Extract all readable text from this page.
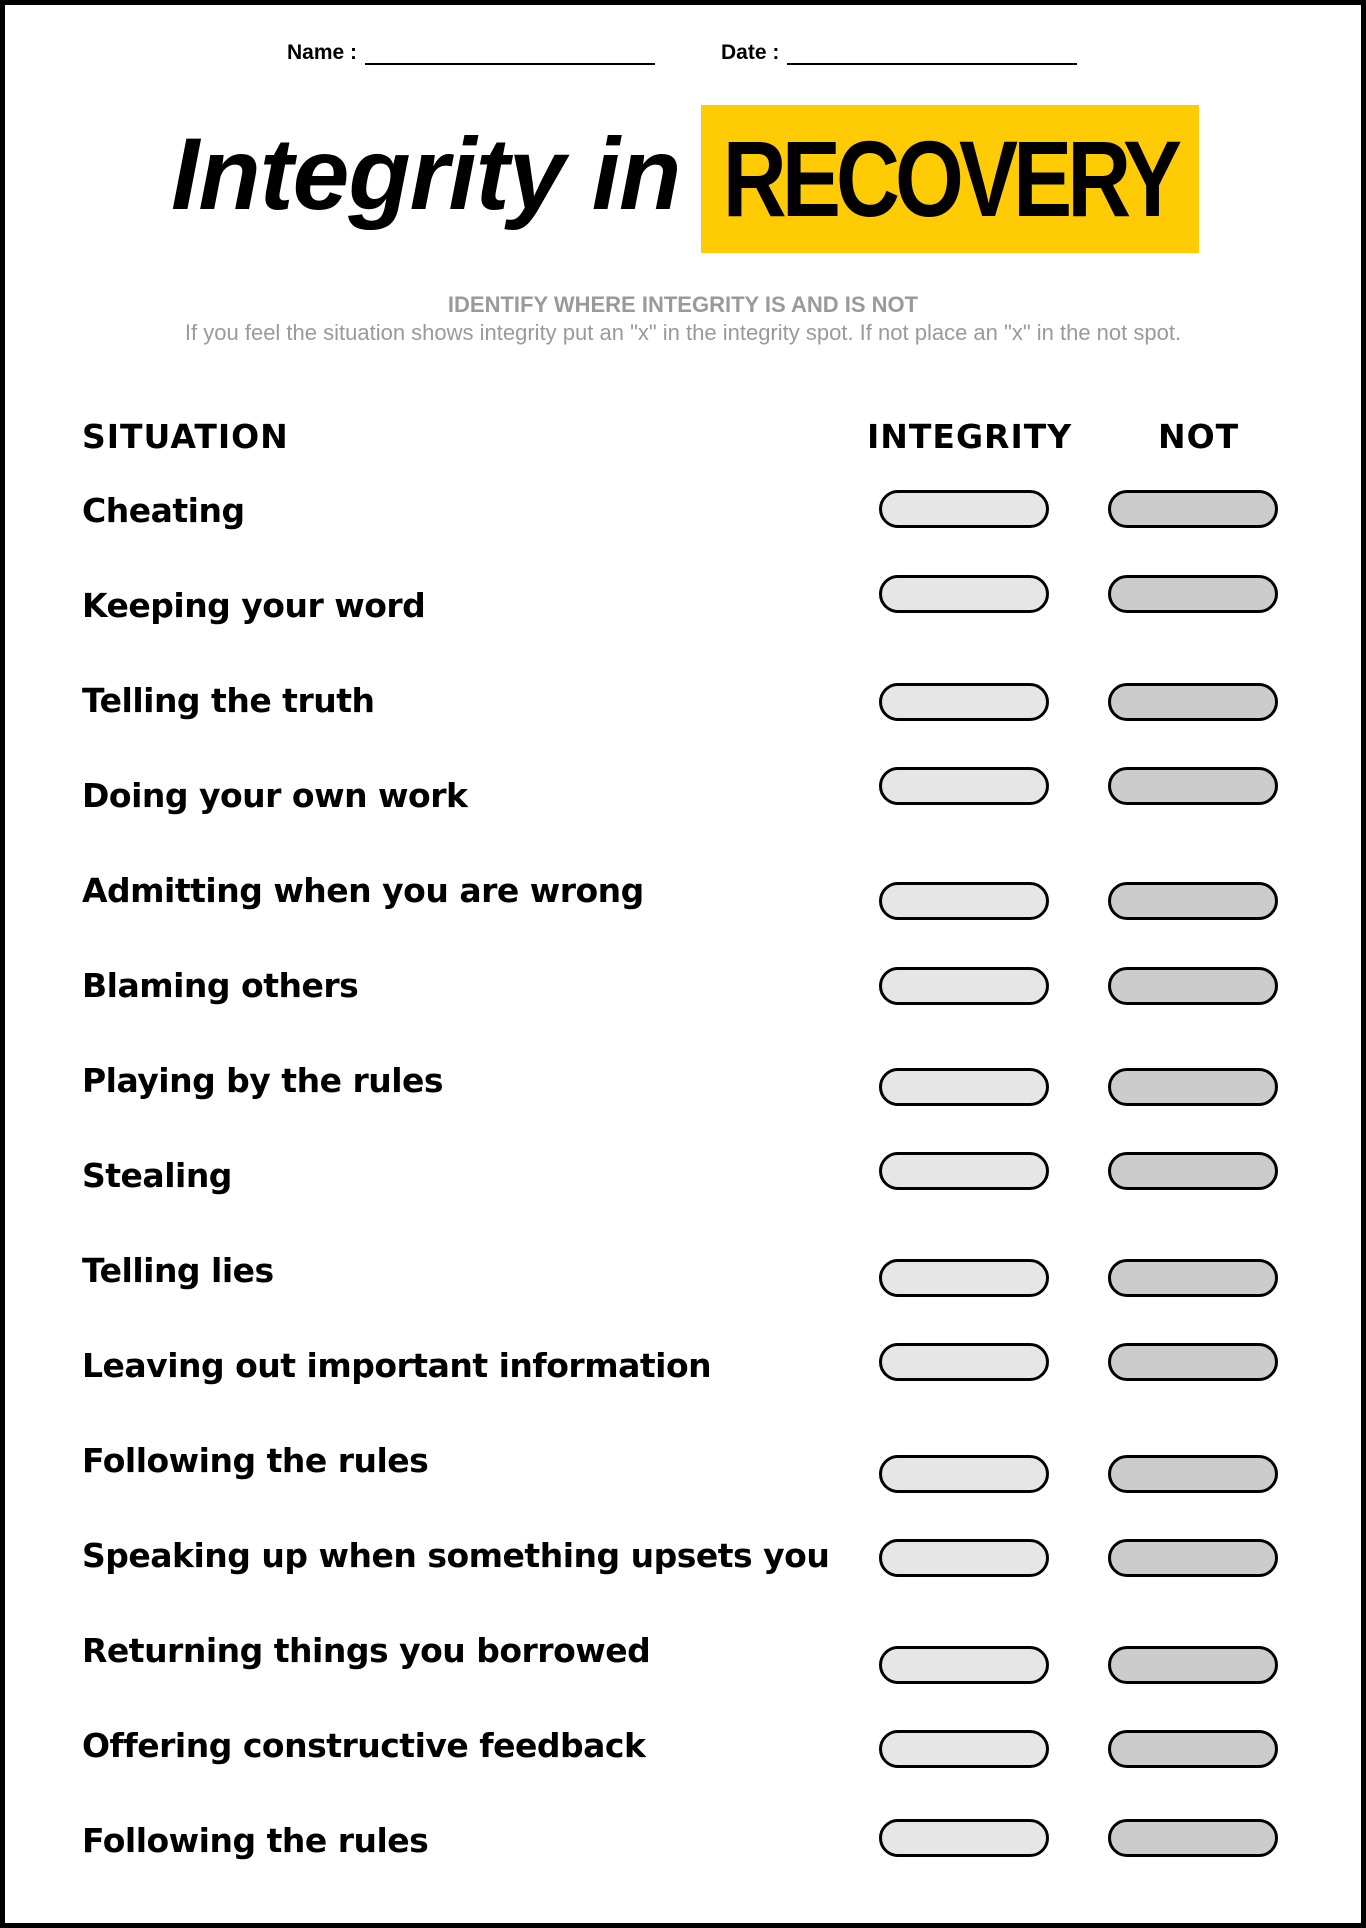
Name :	Date :
Integrity in RECOVERY
IDENTIFY WHERE INTEGRITY IS AND IS NOT
If you feel the situation shows integrity put an "x" in the integrity spot. If not place an "x" in the not spot.
SITUATION	INTEGRITY	NOT
Cheating
Keeping your word
Telling the truth
Doing your own work
Admitting when you are wrong
Blaming others
Playing by the rules
Stealing
Telling lies
Leaving out important information
Following the rules
Speaking up when something upsets you
Returning things you borrowed
Offering constructive feedback
Following the rules
